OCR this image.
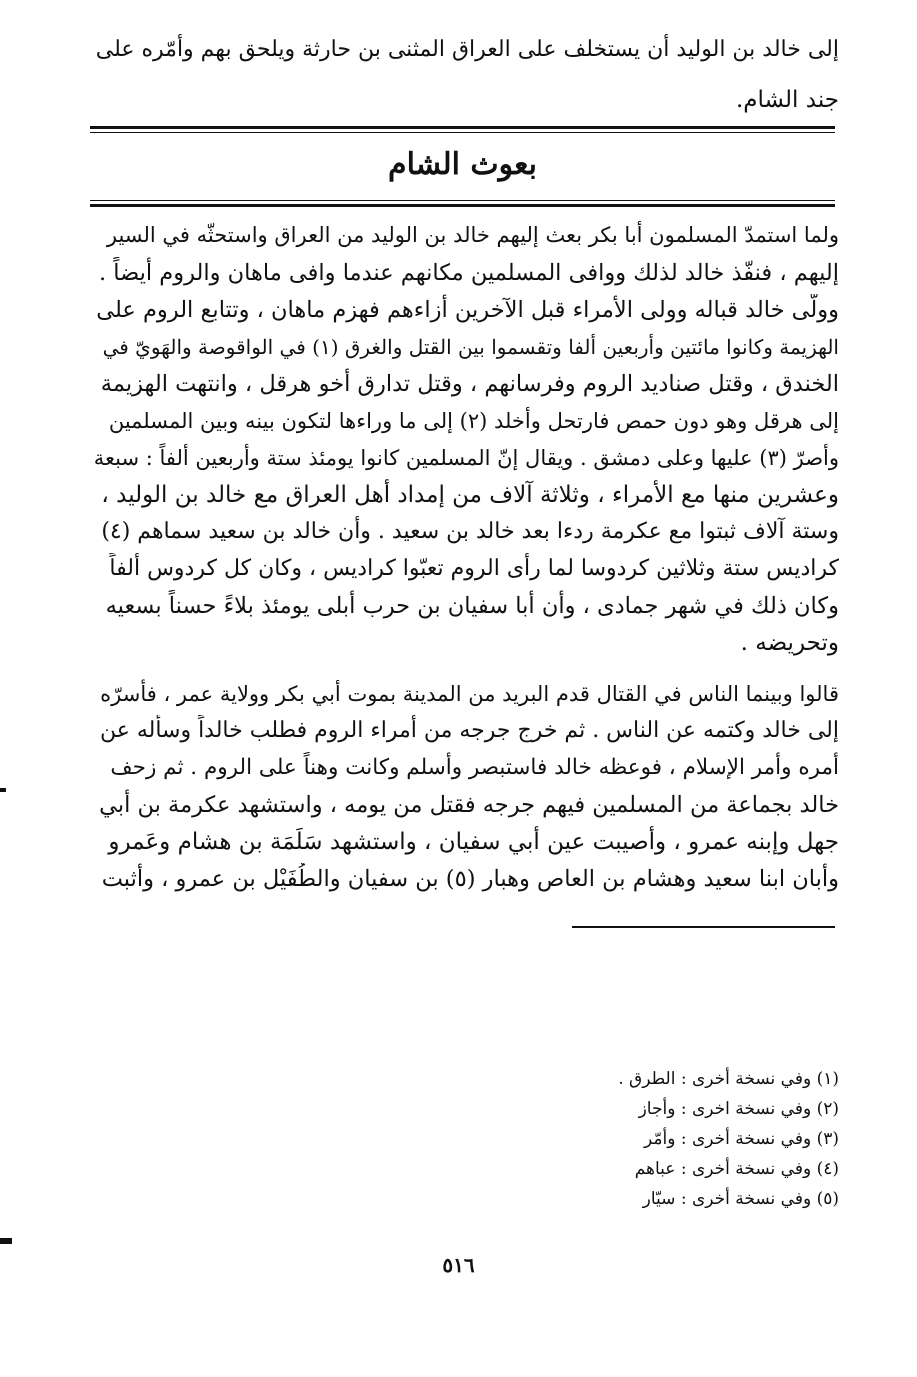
إلى خالد بن الوليد أن يستخلف على العراق المثنى بن حارثة ويلحق بهم وأمّره على
جند الشام.
بعوث الشام
ولما استمدّ المسلمون أبا بكر بعث إليهم خالد بن الوليد من العراق واستحثّه في السير
إليهم ، فنفّذ خالد لذلك ووافى المسلمين مكانهم عندما وافى ماهان والروم أيضاً .
وولّى خالد قباله وولى الأمراء قبل الآخرين أزاءهم فهزم ماهان ، وتتابع الروم على
الهزيمة وكانوا مائتين وأربعين ألفا وتقسموا بين القتل والغرق (١) في الواقوصة والهَويّ في
الخندق ، وقتل صناديد الروم وفرسانهم ، وقتل تدارق أخو هرقل ، وانتهت الهزيمة
إلى هرقل وهو دون حمص فارتحل وأخلد (٢) إلى ما وراءها لتكون بينه وبين المسلمين
وأصرّ (٣) عليها وعلى دمشق . ويقال إنّ المسلمين كانوا يومئذ ستة وأربعين ألفاً : سبعة
وعشرين منها مع الأمراء ، وثلاثة آلاف من إمداد أهل العراق مع خالد بن الوليد ،
وستة آلاف ثبتوا مع عكرمة ردءا بعد خالد بن سعيد . وأن خالد بن سعيد سماهم (٤)
كراديس ستة وثلاثين كردوسا لما رأى الروم تعبّوا كراديس ، وكان كل كردوس ألفاً
وكان ذلك في شهر جمادى ، وأن أبا سفيان بن حرب أبلى يومئذ بلاءً حسناً بسعيه
وتحريضه .
قالوا وبينما الناس في القتال قدم البريد من المدينة بموت أبي بكر وولاية عمر ، فأسرّه
إلى خالد وكتمه عن الناس . ثم خرج جرجه من أمراء الروم فطلب خالداً وسأله عن
أمره وأمر الإسلام ، فوعظه خالد فاستبصر وأسلم وكانت وهناً على الروم . ثم زحف
خالد بجماعة من المسلمين فيهم جرجه فقتل من يومه ، واستشهد عكرمة بن أبي
جهل وإبنه عمرو ، وأصيبت عين أبي سفيان ، واستشهد سَلَمَة بن هشام وعَمرو
وأبان ابنا سعيد وهشام بن العاص وهبار (٥) بن سفيان والطُفَيْل بن عمرو ، وأثبت
(١) وفي نسخة أخرى : الطرق .
(٢) وفي نسخة اخرى : وأجاز
(٣) وفي نسخة أخرى : وأمّر
(٤) وفي نسخة أخرى : عباهم
(٥) وفي نسخة أخرى : سيّار
٥١٦
